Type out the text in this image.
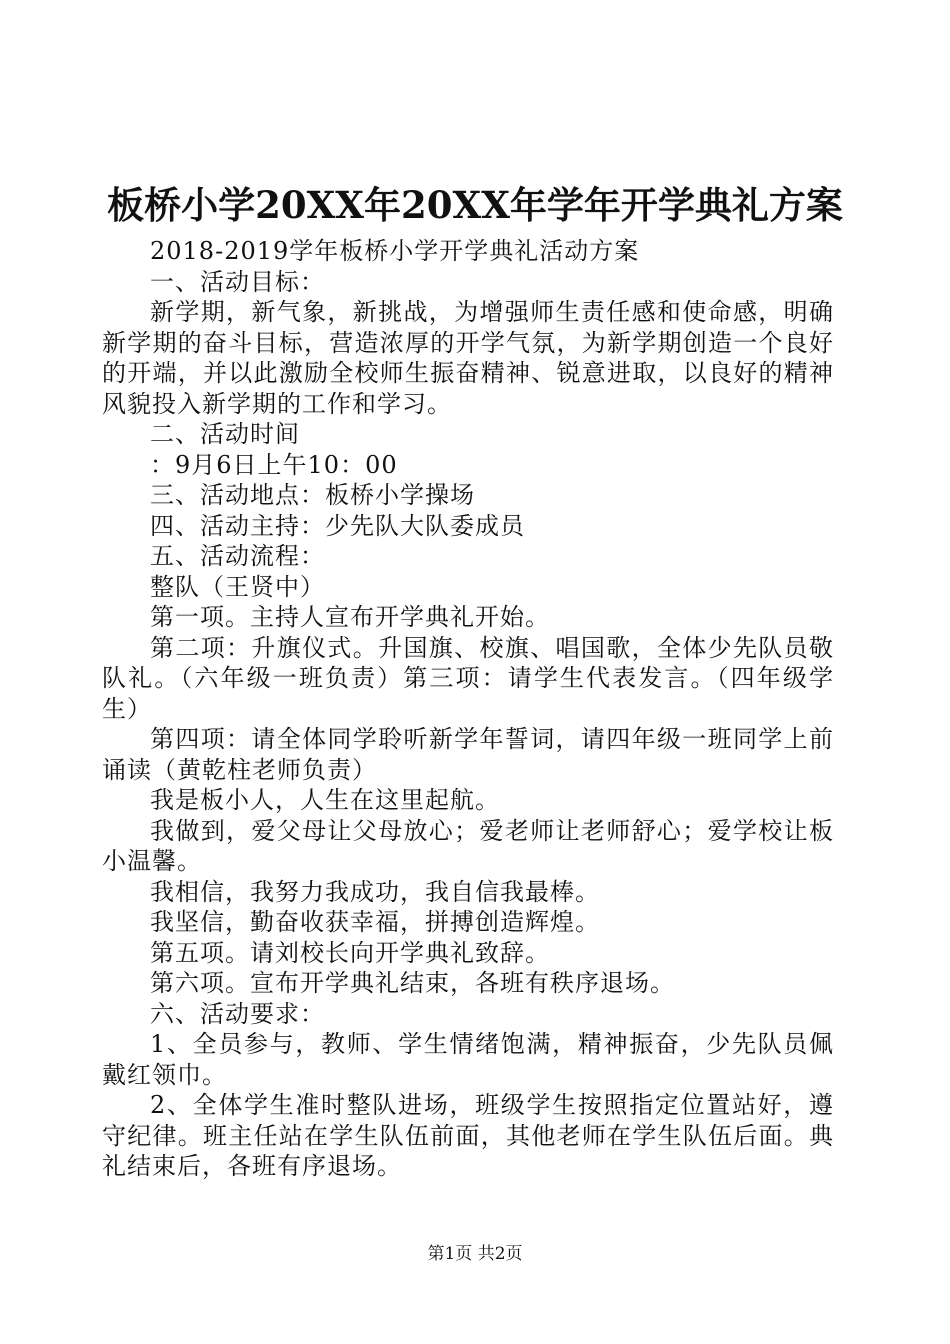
板桥小学20XX年20XX年学年开学典礼方案

2018-2019学年板桥小学开学典礼活动方案

一、活动目标：

新学期，新气象，新挑战，为增强师生责任感和使命感，明确新学期的奋斗目标，营造浓厚的开学气氛，为新学期创造一个良好的开端，并以此激励全校师生振奋精神、锐意进取，以良好的精神风貌投入新学期的工作和学习。

二、活动时间

：9月6日上午10：00

三、活动地点：板桥小学操场

四、活动主持：少先队大队委成员

五、活动流程：

整队（王贤中）

第一项。主持人宣布开学典礼开始。

第二项：升旗仪式。升国旗、校旗、唱国歌，全体少先队员敬队礼。（六年级一班负责）第三项：请学生代表发言。（四年级学生）

第四项：请全体同学聆听新学年誓词，请四年级一班同学上前诵读（黄乾柱老师负责）

我是板小人，人生在这里起航。

我做到，爱父母让父母放心；爱老师让老师舒心；爱学校让板小温馨。

我相信，我努力我成功，我自信我最棒。

我坚信，勤奋收获幸福，拼搏创造辉煌。

第五项。请刘校长向开学典礼致辞。

第六项。宣布开学典礼结束，各班有秩序退场。

六、活动要求：

1、全员参与，教师、学生情绪饱满，精神振奋，少先队员佩戴红领巾。

2、全体学生准时整队进场，班级学生按照指定位置站好，遵守纪律。班主任站在学生队伍前面，其他老师在学生队伍后面。典礼结束后，各班有序退场。

第1页 共2页
